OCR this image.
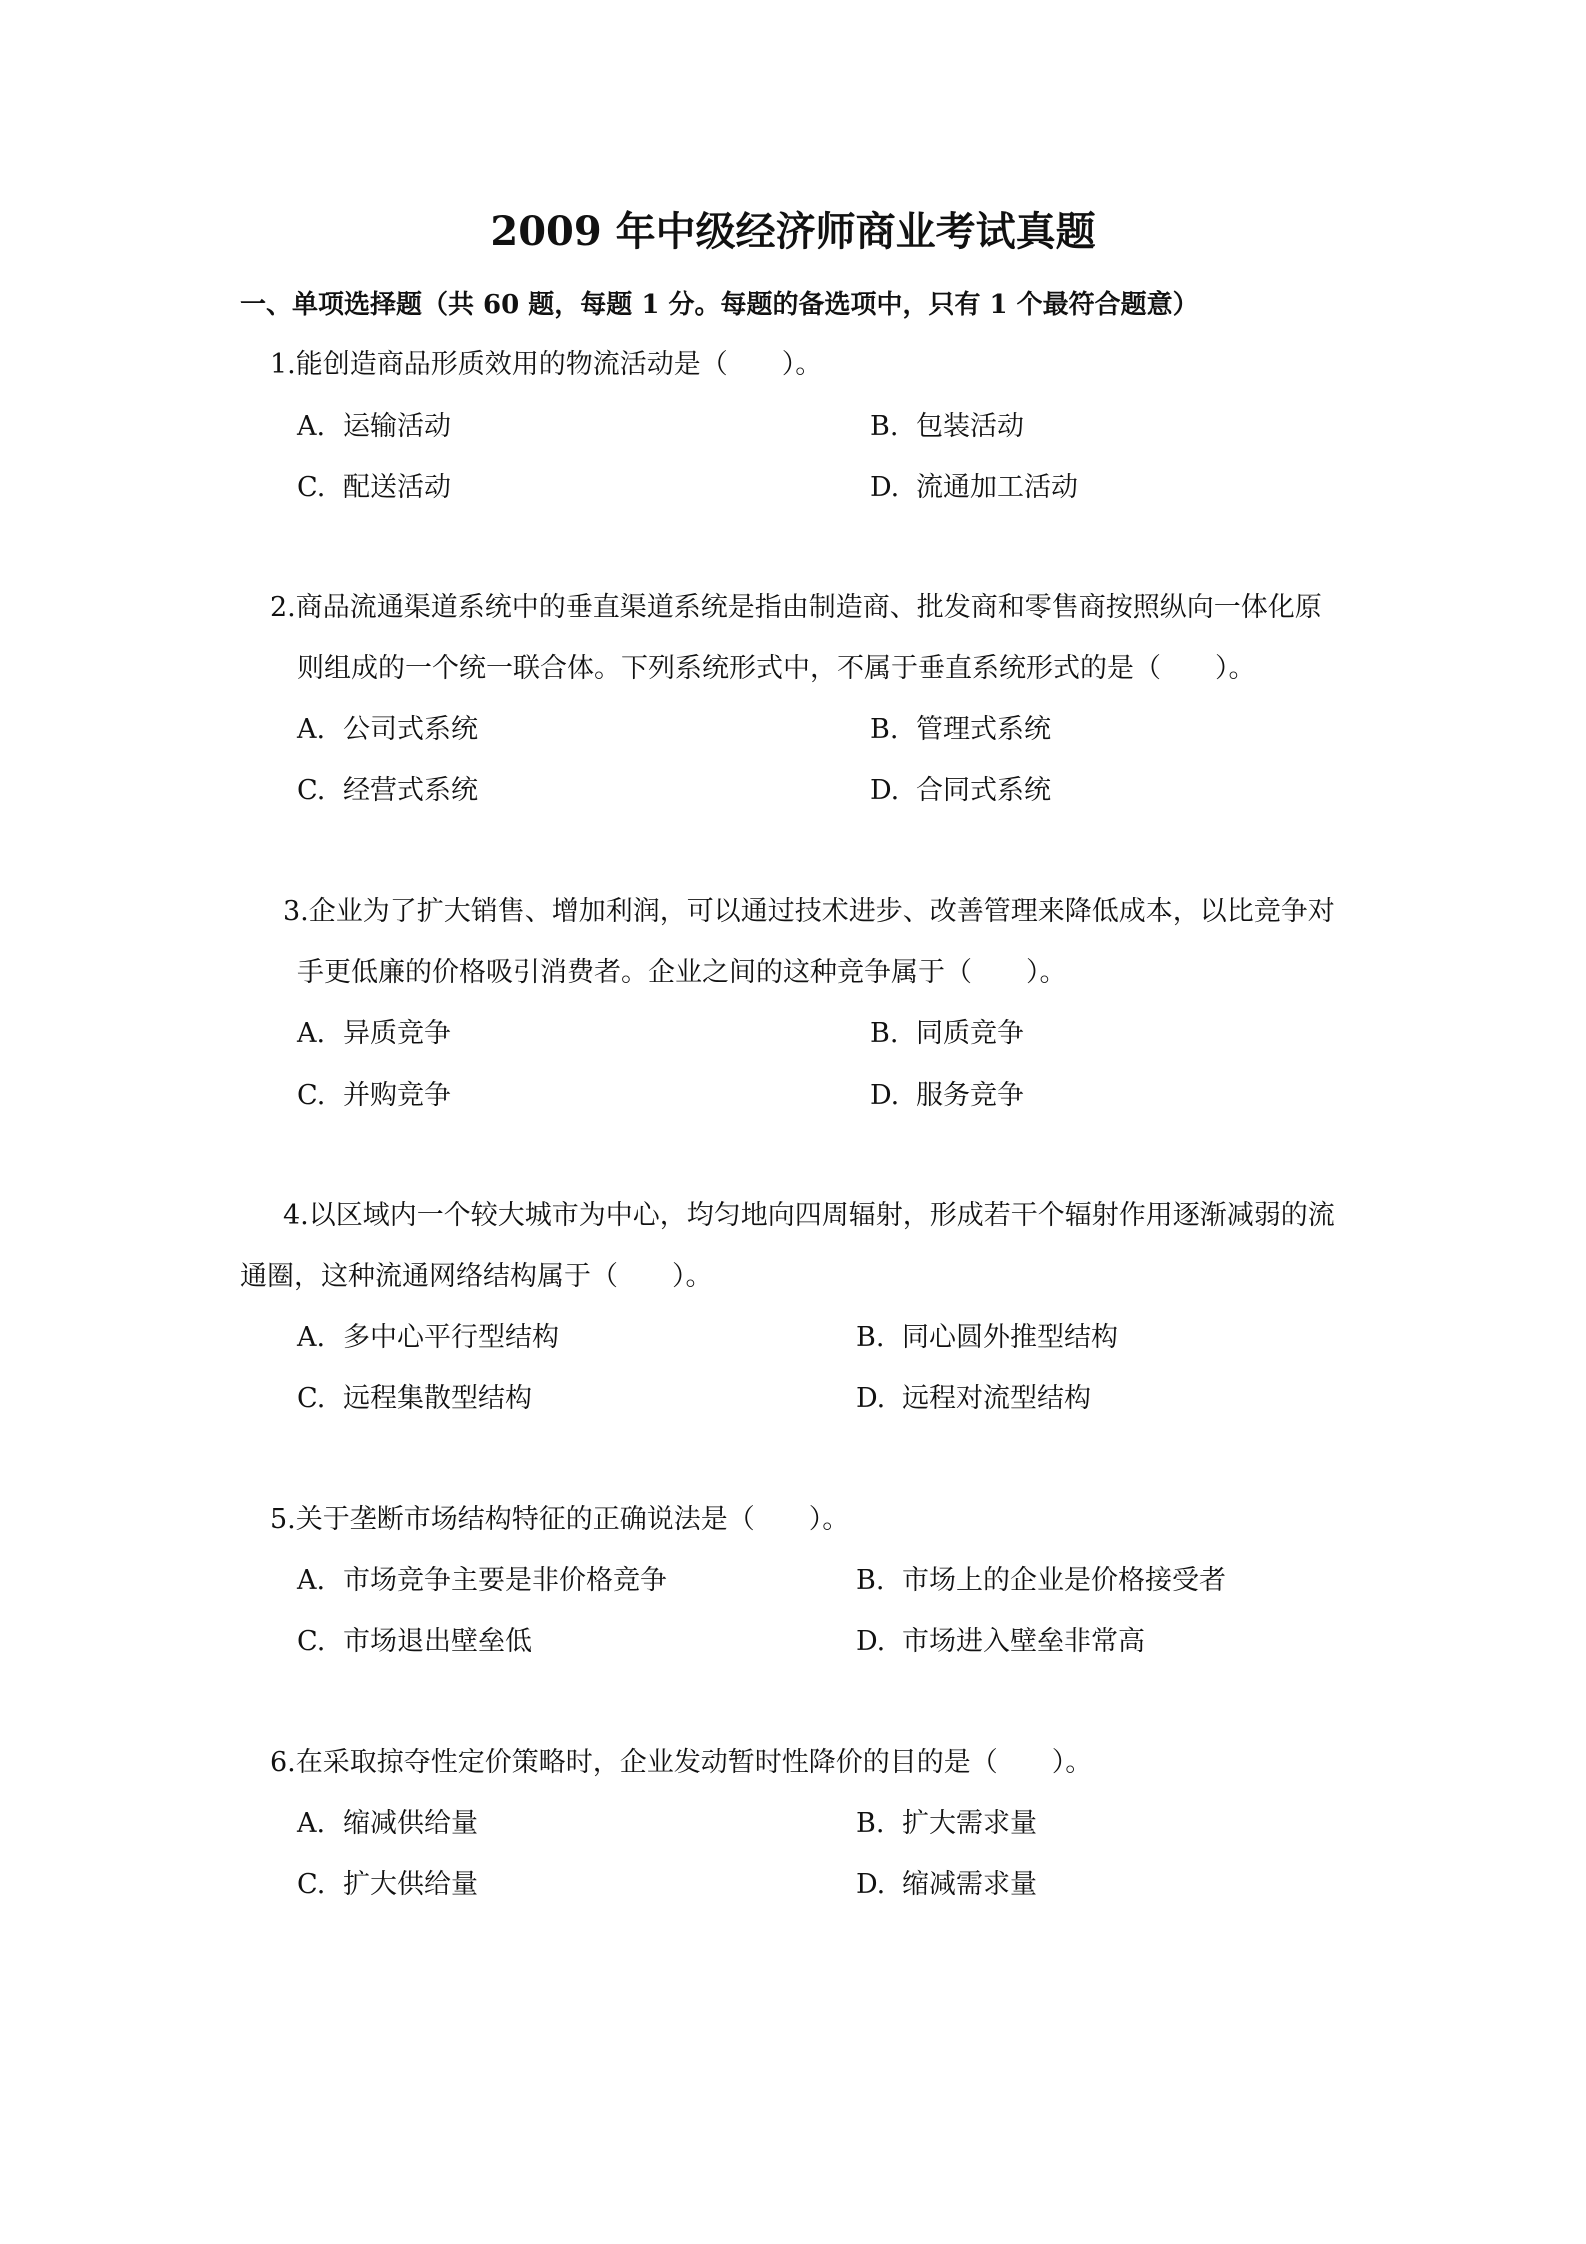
2009 年中级经济师商业考试真题
一、单项选择题（共 60 题，每题 1 分。每题的备选项中，只有 1 个最符合题意）
1.能创造商品形质效用的物流活动是（　　）。
A. 运输活动	B. 包装活动
C. 配送活动	D. 流通加工活动
2.商品流通渠道系统中的垂直渠道系统是指由制造商、批发商和零售商按照纵向一体化原
则组成的一个统一联合体。下列系统形式中，不属于垂直系统形式的是（　　）。
A. 公司式系统	B. 管理式系统
C. 经营式系统	D. 合同式系统
3.企业为了扩大销售、增加利润，可以通过技术进步、改善管理来降低成本，以比竞争对
手更低廉的价格吸引消费者。企业之间的这种竞争属于（　　）。
A. 异质竞争	B. 同质竞争
C. 并购竞争	D. 服务竞争
4.以区域内一个较大城市为中心，均匀地向四周辐射，形成若干个辐射作用逐渐减弱的流
通圈，这种流通网络结构属于（　　）。
A. 多中心平行型结构	B. 同心圆外推型结构
C. 远程集散型结构	D. 远程对流型结构
5.关于垄断市场结构特征的正确说法是（　　）。
A. 市场竞争主要是非价格竞争	B. 市场上的企业是价格接受者
C. 市场退出壁垒低	D. 市场进入壁垒非常高
6.在采取掠夺性定价策略时，企业发动暂时性降价的目的是（　　）。
A. 缩减供给量	B. 扩大需求量
C. 扩大供给量	D. 缩减需求量
